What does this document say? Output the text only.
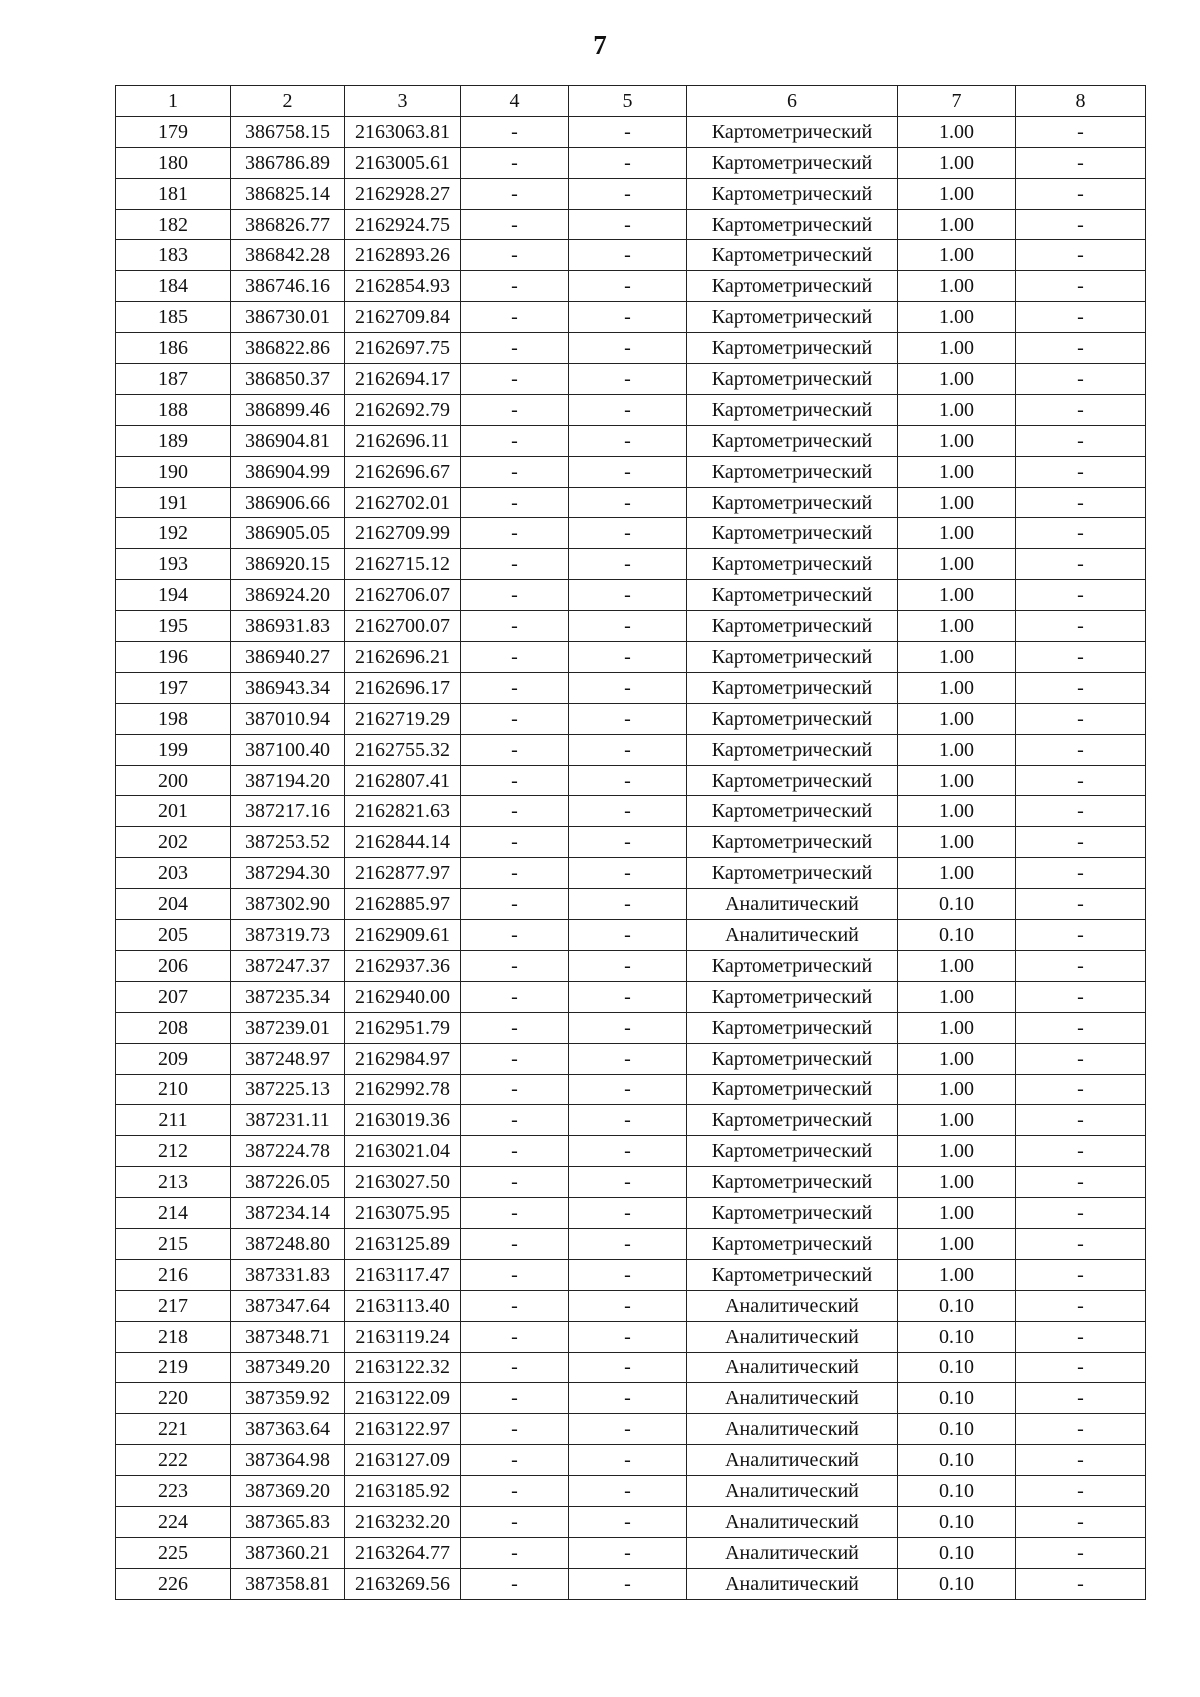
7
1	2	3	4	5	6	7	8
179	386758.15	2163063.81	-	-	Картометрический	1.00	-
180	386786.89	2163005.61	-	-	Картометрический	1.00	-
181	386825.14	2162928.27	-	-	Картометрический	1.00	-
182	386826.77	2162924.75	-	-	Картометрический	1.00	-
183	386842.28	2162893.26	-	-	Картометрический	1.00	-
184	386746.16	2162854.93	-	-	Картометрический	1.00	-
185	386730.01	2162709.84	-	-	Картометрический	1.00	-
186	386822.86	2162697.75	-	-	Картометрический	1.00	-
187	386850.37	2162694.17	-	-	Картометрический	1.00	-
188	386899.46	2162692.79	-	-	Картометрический	1.00	-
189	386904.81	2162696.11	-	-	Картометрический	1.00	-
190	386904.99	2162696.67	-	-	Картометрический	1.00	-
191	386906.66	2162702.01	-	-	Картометрический	1.00	-
192	386905.05	2162709.99	-	-	Картометрический	1.00	-
193	386920.15	2162715.12	-	-	Картометрический	1.00	-
194	386924.20	2162706.07	-	-	Картометрический	1.00	-
195	386931.83	2162700.07	-	-	Картометрический	1.00	-
196	386940.27	2162696.21	-	-	Картометрический	1.00	-
197	386943.34	2162696.17	-	-	Картометрический	1.00	-
198	387010.94	2162719.29	-	-	Картометрический	1.00	-
199	387100.40	2162755.32	-	-	Картометрический	1.00	-
200	387194.20	2162807.41	-	-	Картометрический	1.00	-
201	387217.16	2162821.63	-	-	Картометрический	1.00	-
202	387253.52	2162844.14	-	-	Картометрический	1.00	-
203	387294.30	2162877.97	-	-	Картометрический	1.00	-
204	387302.90	2162885.97	-	-	Аналитический	0.10	-
205	387319.73	2162909.61	-	-	Аналитический	0.10	-
206	387247.37	2162937.36	-	-	Картометрический	1.00	-
207	387235.34	2162940.00	-	-	Картометрический	1.00	-
208	387239.01	2162951.79	-	-	Картометрический	1.00	-
209	387248.97	2162984.97	-	-	Картометрический	1.00	-
210	387225.13	2162992.78	-	-	Картометрический	1.00	-
211	387231.11	2163019.36	-	-	Картометрический	1.00	-
212	387224.78	2163021.04	-	-	Картометрический	1.00	-
213	387226.05	2163027.50	-	-	Картометрический	1.00	-
214	387234.14	2163075.95	-	-	Картометрический	1.00	-
215	387248.80	2163125.89	-	-	Картометрический	1.00	-
216	387331.83	2163117.47	-	-	Картометрический	1.00	-
217	387347.64	2163113.40	-	-	Аналитический	0.10	-
218	387348.71	2163119.24	-	-	Аналитический	0.10	-
219	387349.20	2163122.32	-	-	Аналитический	0.10	-
220	387359.92	2163122.09	-	-	Аналитический	0.10	-
221	387363.64	2163122.97	-	-	Аналитический	0.10	-
222	387364.98	2163127.09	-	-	Аналитический	0.10	-
223	387369.20	2163185.92	-	-	Аналитический	0.10	-
224	387365.83	2163232.20	-	-	Аналитический	0.10	-
225	387360.21	2163264.77	-	-	Аналитический	0.10	-
226	387358.81	2163269.56	-	-	Аналитический	0.10	-
